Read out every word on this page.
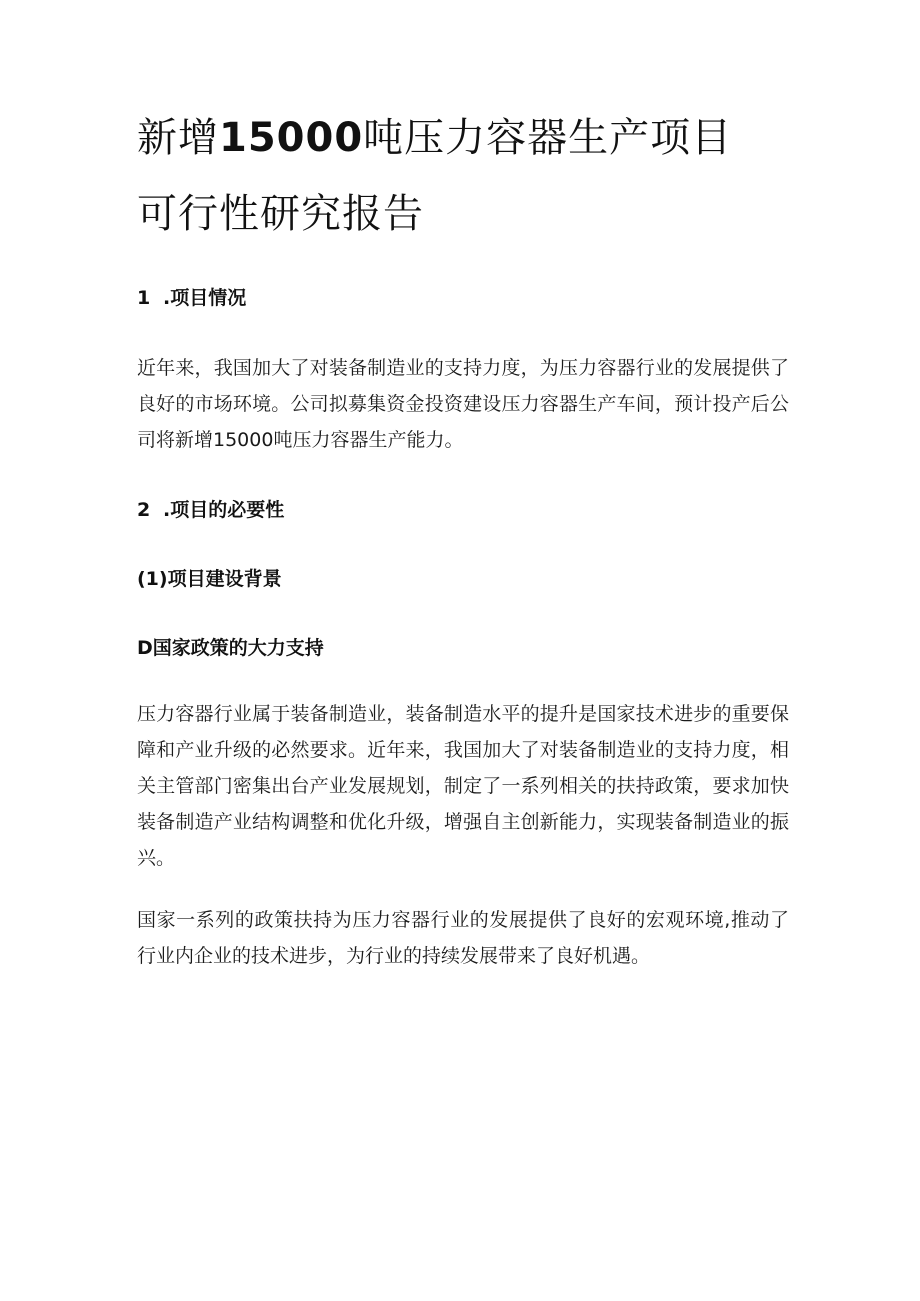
新增15000吨压力容器生产项目
可行性研究报告
1 .项目情况

近年来，我国加大了对装备制造业的支持力度，为压力容器行业的发展提供了良好的市场环境。公司拟募集资金投资建设压力容器生产车间，预计投产后公司将新增15000吨压力容器生产能力。

2 .项目的必要性
(1)项目建设背景
D国家政策的大力支持

压力容器行业属于装备制造业，装备制造水平的提升是国家技术进步的重要保障和产业升级的必然要求。近年来，我国加大了对装备制造业的支持力度，相关主管部门密集出台产业发展规划，制定了一系列相关的扶持政策，要求加快装备制造产业结构调整和优化升级，增强自主创新能力，实现装备制造业的振兴。

国家一系列的政策扶持为压力容器行业的发展提供了良好的宏观环境,推动了行业内企业的技术进步，为行业的持续发展带来了良好机遇。
